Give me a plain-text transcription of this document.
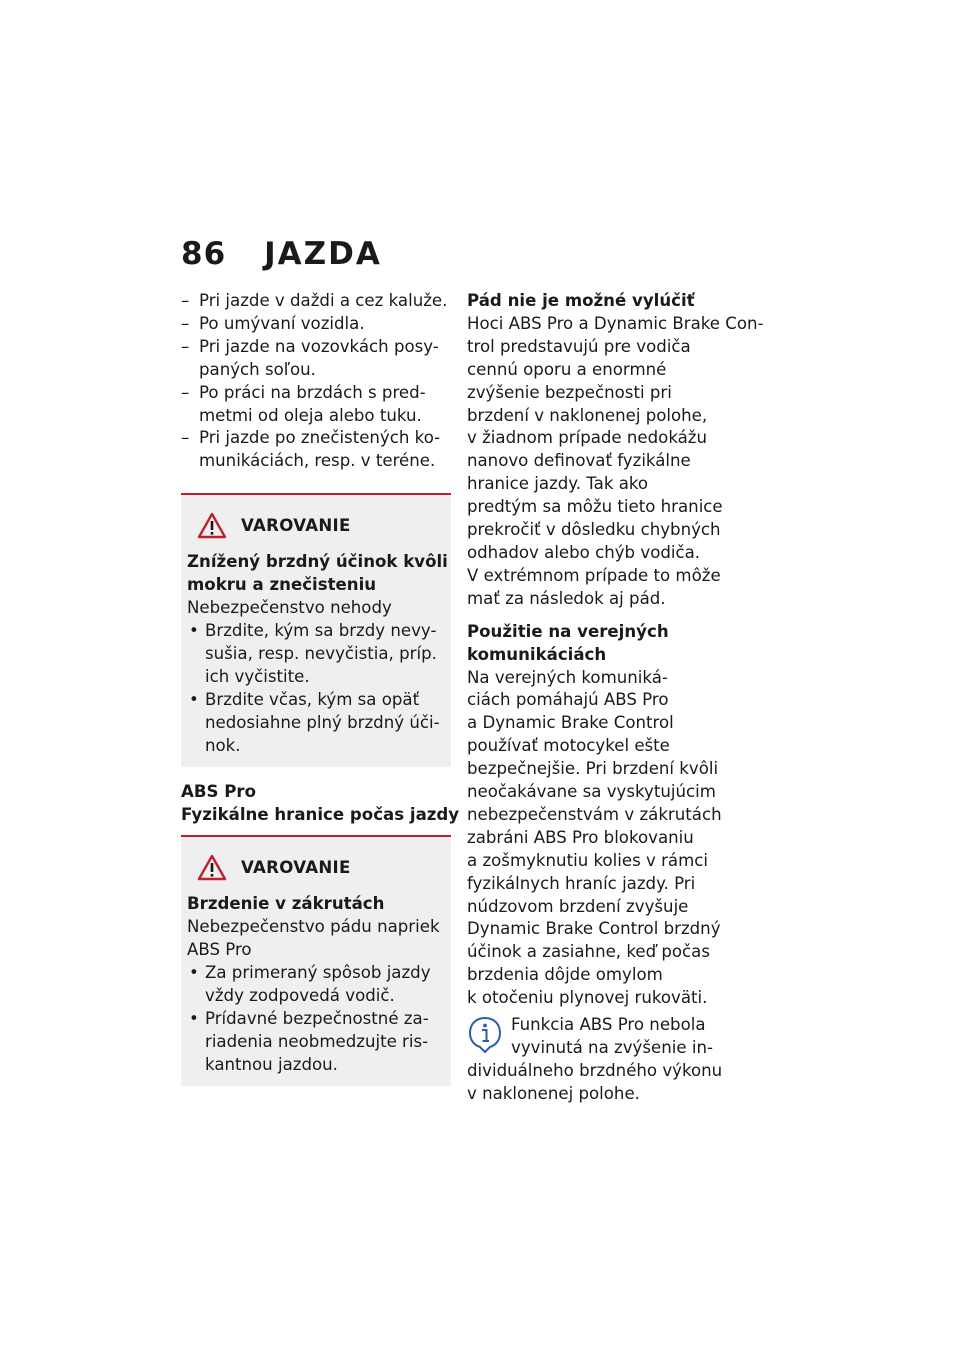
86 JAZDA
– Pri jazde v daždi a cez kaluže.
– Po umývaní vozidla.
– Pri jazde na vozovkách posy-
paných soľou.
– Po práci na brzdách s pred-
metmi od oleja alebo tuku.
– Pri jazde po znečistených ko-
munikáciách, resp. v teréne.
VAROVANIE
Znížený brzdný účinok kvôli
mokru a znečisteniu
Nebezpečenstvo nehody
• Brzdite, kým sa brzdy nevy-
sušia, resp. nevyčistia, príp.
ich vyčistite.
• Brzdite včas, kým sa opäť
nedosiahne plný brzdný úči-
nok.
ABS Pro
Fyzikálne hranice počas jazdy
VAROVANIE
Brzdenie v zákrutách
Nebezpečenstvo pádu napriek
ABS Pro
• Za primeraný spôsob jazdy
vždy zodpovedá vodič.
• Prídavné bezpečnostné za-
riadenia neobmedzujte ris-
kantnou jazdou.
Pád nie je možné vylúčiť
Hoci ABS Pro a Dynamic Brake Con-
trol predstavujú pre vodiča
cennú oporu a enormné
zvýšenie bezpečnosti pri
brzdení v naklonenej polohe,
v žiadnom prípade nedokážu
nanovo definovať fyzikálne
hranice jazdy. Tak ako
predtým sa môžu tieto hranice
prekročiť v dôsledku chybných
odhadov alebo chýb vodiča.
V extrémnom prípade to môže
mať za následok aj pád.
Použitie na verejných
komunikáciách
Na verejných komuniká-
ciách pomáhajú ABS Pro
a Dynamic Brake Control
používať motocykel ešte
bezpečnejšie. Pri brzdení kvôli
neočakávane sa vyskytujúcim
nebezpečenstvám v zákrutách
zabráni ABS Pro blokovaniu
a zošmyknutiu kolies v rámci
fyzikálnych hraníc jazdy. Pri
núdzovom brzdení zvyšuje
Dynamic Brake Control brzdný
účinok a zasiahne, keď počas
brzdenia dôjde omylom
k otočeniu plynovej rukoväti.
Funkcia ABS Pro nebola
vyvinutá na zvýšenie in-
dividuálneho brzdného výkonu
v naklonenej polohe.
